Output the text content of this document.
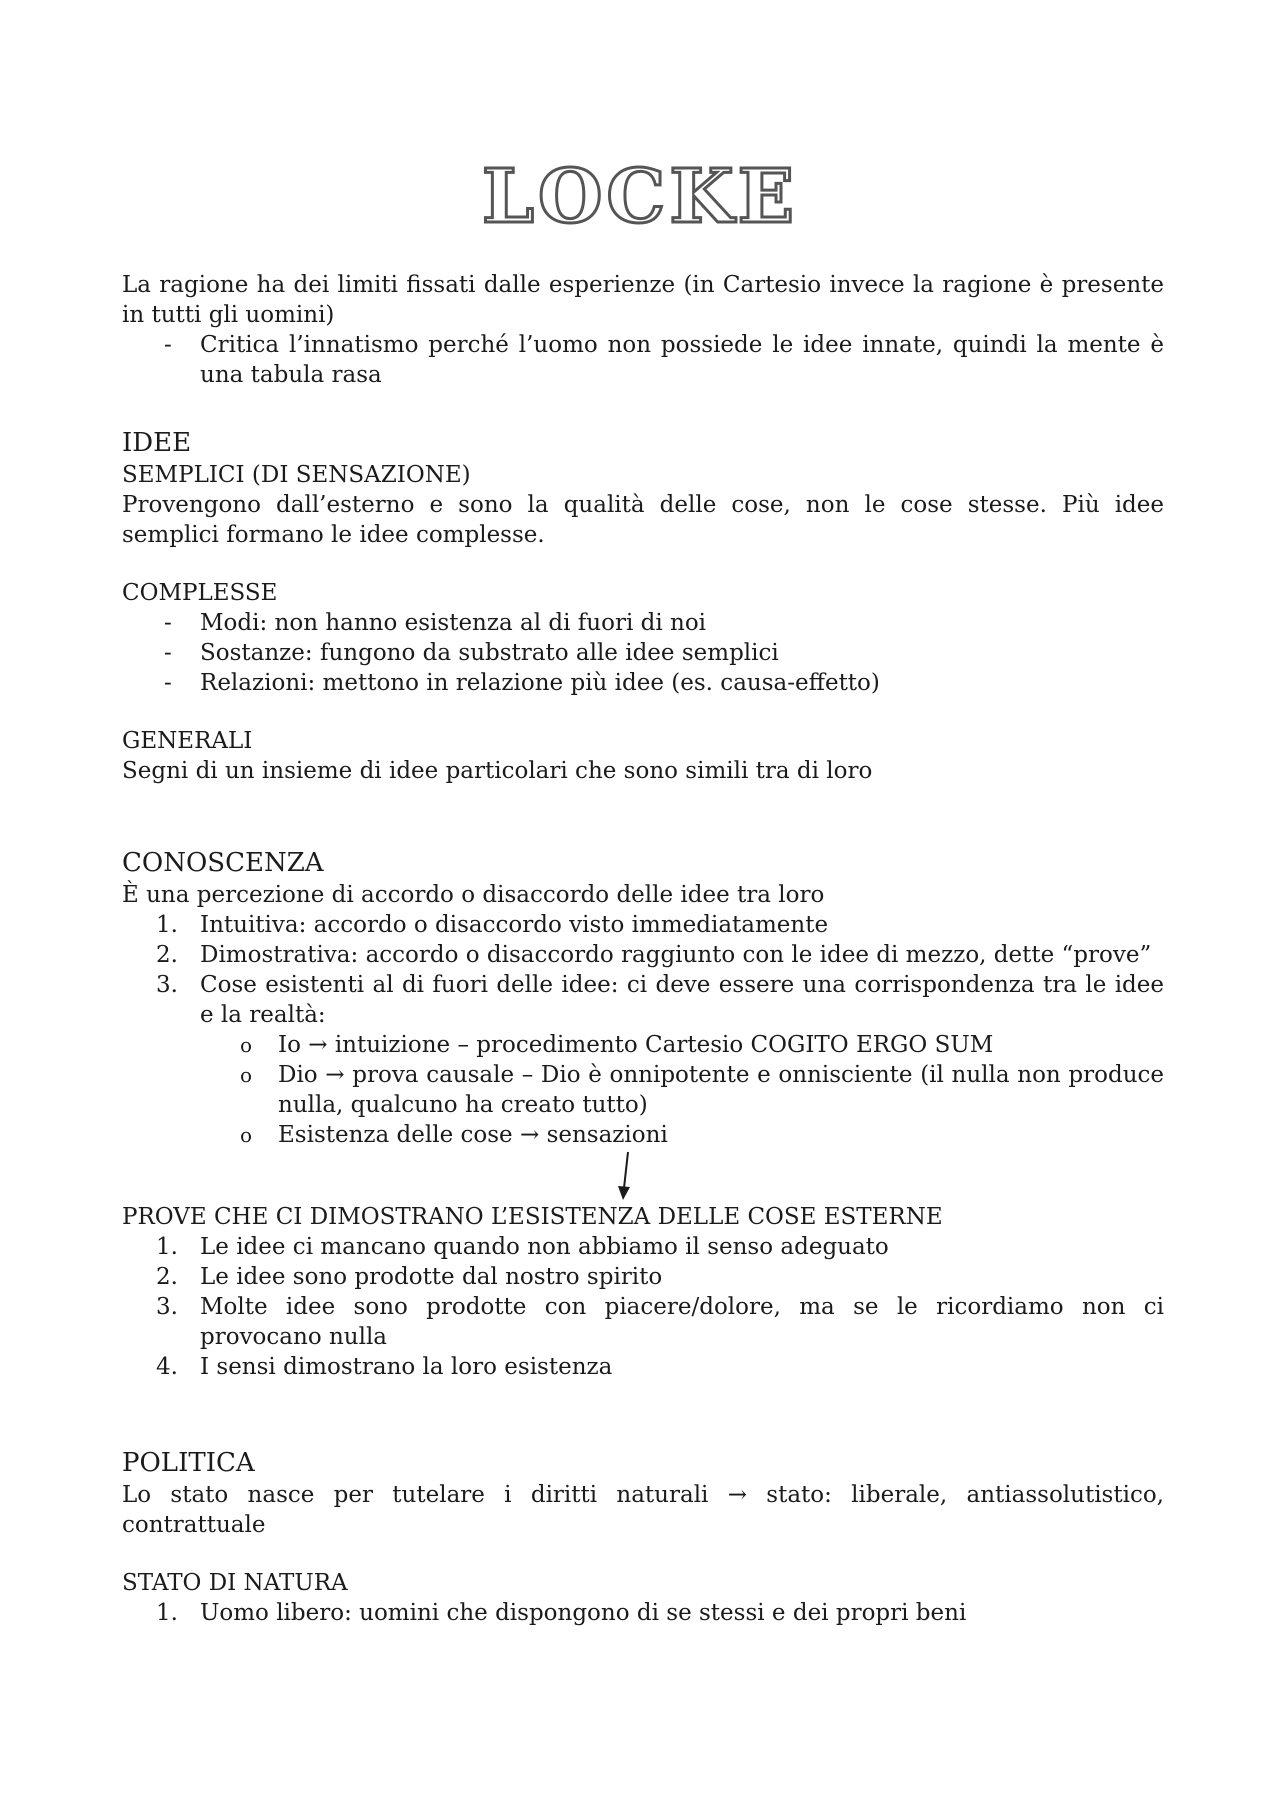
LOCKE

La ragione ha dei limiti fissati dalle esperienze (in Cartesio invece la ragione è presente in tutti gli uomini)

- Critica l’innatismo perché l’uomo non possiede le idee innate, quindi la mente è una tabula rasa
IDEE

SEMPLICI (DI SENSAZIONE)

Provengono dall’esterno e sono la qualità delle cose, non le cose stesse. Più idee semplici formano le idee complesse.

COMPLESSE

- Modi: non hanno esistenza al di fuori di noi
- Sostanze: fungono da substrato alle idee semplici
- Relazioni: mettono in relazione più idee (es. causa-effetto)

GENERALI

Segni di un insieme di idee particolari che sono simili tra di loro

CONOSCENZA

È una percezione di accordo o disaccordo delle idee tra loro

1. Intuitiva: accordo o disaccordo visto immediatamente
2. Dimostrativa: accordo o disaccordo raggiunto con le idee di mezzo, dette “prove”
3. Cose esistenti al di fuori delle idee: ci deve essere una corrispondenza tra le idee e la realtà:
o Io → intuizione – procedimento Cartesio COGITO ERGO SUM
o Dio → prova causale – Dio è onnipotente e onnisciente (il nulla non produce nulla, qualcuno ha creato tutto)
o Esistenza delle cose → sensazioni

PROVE CHE CI DIMOSTRANO L’ESISTENZA DELLE COSE ESTERNE

1. Le idee ci mancano quando non abbiamo il senso adeguato
2. Le idee sono prodotte dal nostro spirito
3. Molte idee sono prodotte con piacere/dolore, ma se le ricordiamo non ci provocano nulla
4. I sensi dimostrano la loro esistenza
POLITICA

Lo stato nasce per tutelare i diritti naturali → stato: liberale, antiassolutistico, contrattuale

STATO DI NATURA

1. Uomo libero: uomini che dispongono di se stessi e dei propri beni
